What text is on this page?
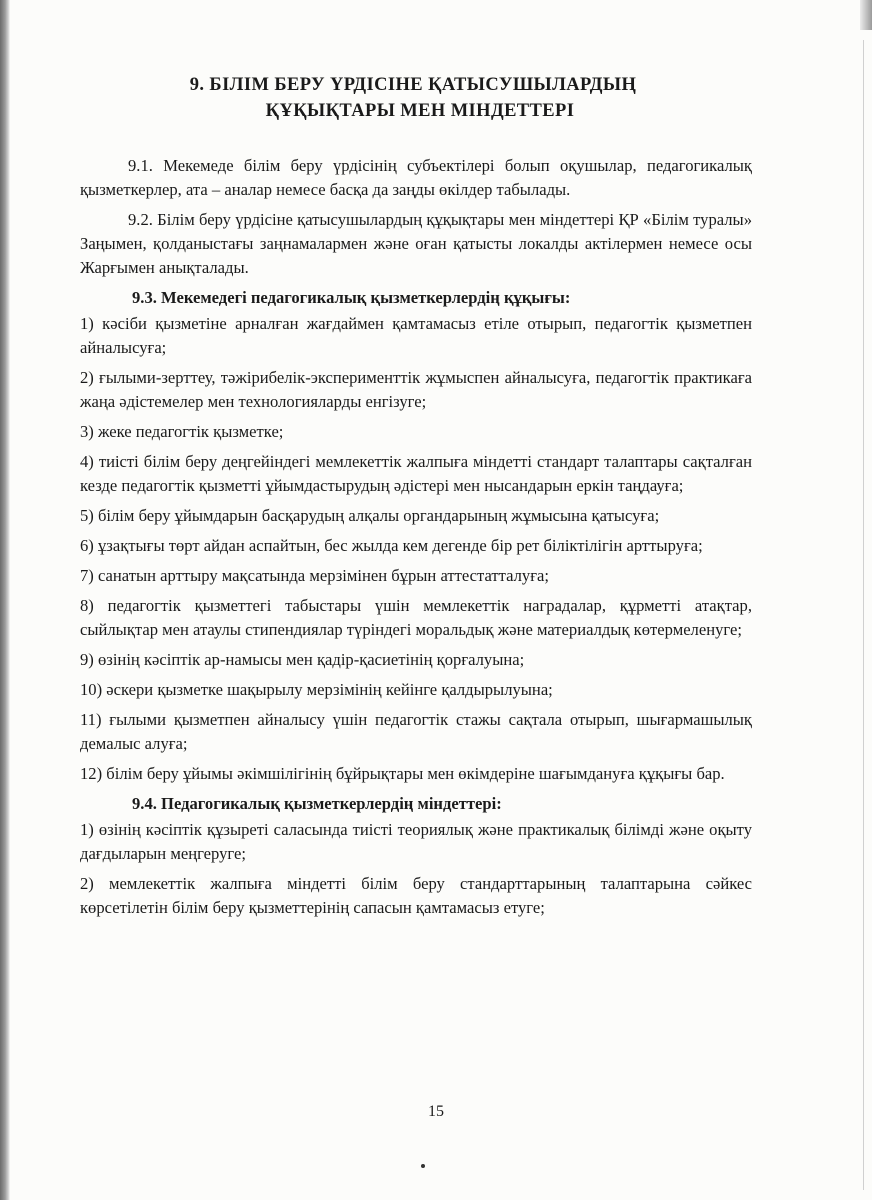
9. БІЛІМ БЕРУ ҮРДІСІНЕ ҚАТЫСУШЫЛАРДЫҢ
ҚҰҚЫҚТАРЫ МЕН МІНДЕТТЕРІ

9.1. Мекемеде білім беру үрдісінің субъектілері болып оқушылар, педагогикалық қызметкерлер, ата – аналар немесе басқа да заңды өкілдер табылады.

9.2. Білім беру үрдісіне қатысушылардың құқықтары мен міндеттері ҚР «Білім туралы» Заңымен, қолданыстағы заңнамалармен және оған қатысты локалды актілермен немесе осы Жарғымен анықталады.

9.3. Мекемедегі педагогикалық қызметкерлердің құқығы:

1) кәсіби қызметіне арналған жағдаймен қамтамасыз етіле отырып, педагогтік қызметпен айналысуға;

2) ғылыми-зерттеу, тәжірибелік-эксперименттік жұмыспен айналысуға, педагогтік практикаға жаңа әдістемелер мен технологияларды енгізуге;

3) жеке педагогтік қызметке;

4) тиісті білім беру деңгейіндегі мемлекеттік жалпыға міндетті стандарт талаптары сақталған кезде педагогтік қызметті ұйымдастырудың әдістері мен нысандарын еркін таңдауға;

5) білім беру ұйымдарын басқарудың алқалы органдарының жұмысына қатысуға;

6) ұзақтығы төрт айдан аспайтын, бес жылда кем дегенде бір рет біліктілігін арттыруға;

7) санатын арттыру мақсатында мерзімінен бұрын аттестатталуға;

8) педагогтік қызметтегі табыстары үшін мемлекеттік наградалар, құрметті атақтар, сыйлықтар мен атаулы стипендиялар түріндегі моральдық және материалдық көтермеленуге;

9) өзінің кәсіптік ар-намысы мен қадір-қасиетінің қорғалуына;

10) әскери қызметке шақырылу мерзімінің кейінге қалдырылуына;

11) ғылыми қызметпен айналысу үшін педагогтік стажы сақтала отырып, шығармашылық демалыс алуға;

12) білім беру ұйымы әкімшілігінің бұйрықтары мен өкімдеріне шағымдануға құқығы бар.

9.4. Педагогикалық қызметкерлердің міндеттері:

1) өзінің кәсіптік құзыреті саласында тиісті теориялық және практикалық білімді және оқыту дағдыларын меңгеруге;

2) мемлекеттік жалпыға міндетті білім беру стандарттарының талаптарына сәйкес көрсетілетін білім беру қызметтерінің сапасын қамтамасыз етуге;

15
